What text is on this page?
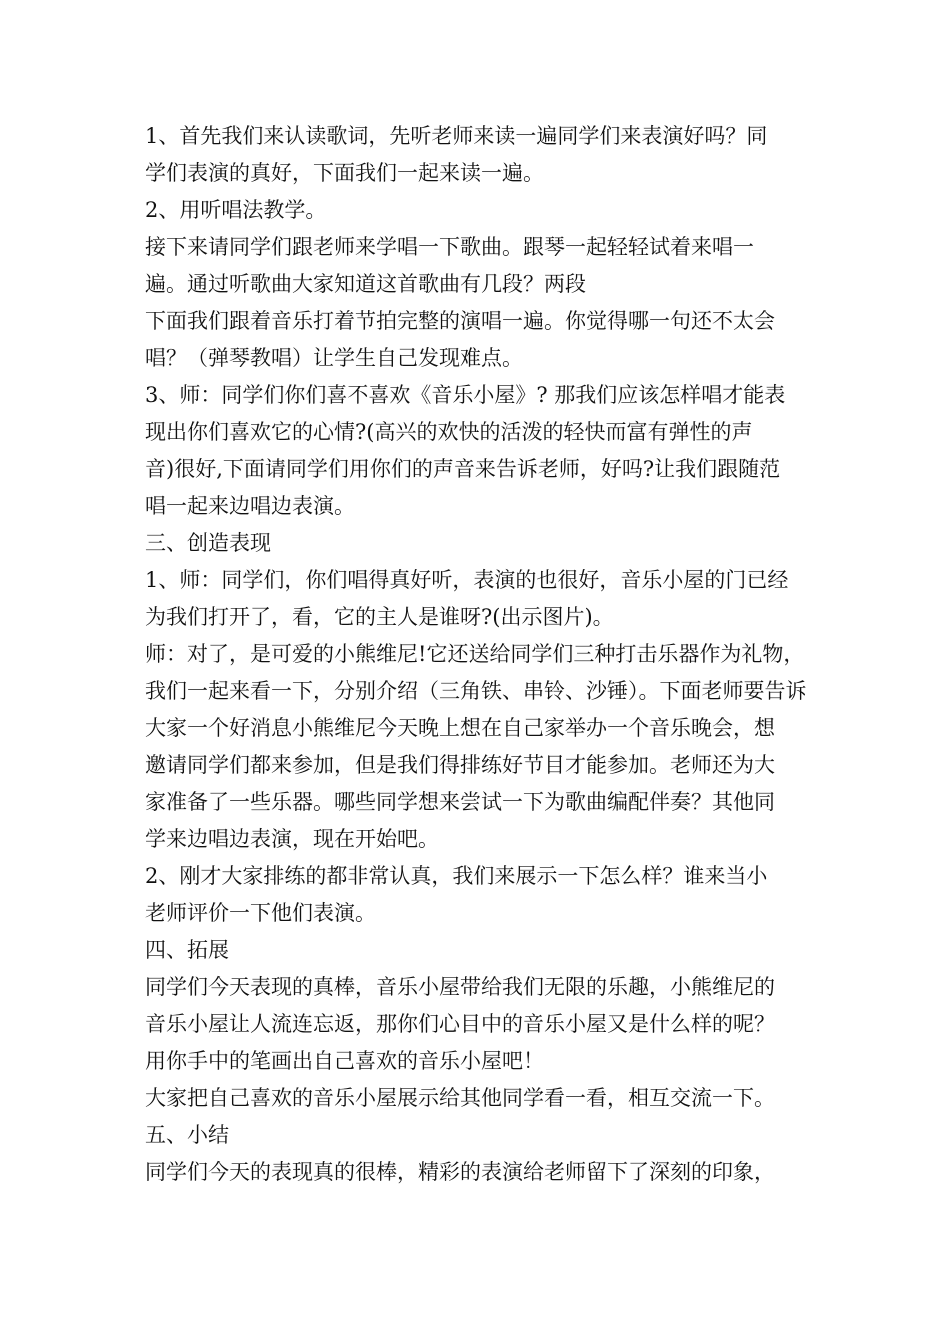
1、首先我们来认读歌词，先听老师来读一遍同学们来表演好吗？同
学们表演的真好，下面我们一起来读一遍。
2、用听唱法教学。
接下来请同学们跟老师来学唱一下歌曲。跟琴一起轻轻试着来唱一
遍。通过听歌曲大家知道这首歌曲有几段？两段
下面我们跟着音乐打着节拍完整的演唱一遍。你觉得哪一句还不太会
唱？（弹琴教唱）让学生自己发现难点。
3、师：同学们你们喜不喜欢《音乐小屋》? 那我们应该怎样唱才能表
现出你们喜欢它的心情?(高兴的欢快的活泼的轻快而富有弹性的声
音)很好,下面请同学们用你们的声音来告诉老师，好吗?让我们跟随范
唱一起来边唱边表演。
三、创造表现
1、师：同学们，你们唱得真好听，表演的也很好，音乐小屋的门已经
为我们打开了，看，它的主人是谁呀?(出示图片)。
师：对了，是可爱的小熊维尼!它还送给同学们三种打击乐器作为礼物，
我们一起来看一下，分别介绍（三角铁、串铃、沙锤）。下面老师要告诉
大家一个好消息小熊维尼今天晚上想在自己家举办一个音乐晚会，想
邀请同学们都来参加，但是我们得排练好节目才能参加。老师还为大
家准备了一些乐器。哪些同学想来尝试一下为歌曲编配伴奏？其他同
学来边唱边表演，现在开始吧。
2、刚才大家排练的都非常认真，我们来展示一下怎么样？谁来当小
老师评价一下他们表演。
四、拓展
同学们今天表现的真棒，音乐小屋带给我们无限的乐趣，小熊维尼的
音乐小屋让人流连忘返，那你们心目中的音乐小屋又是什么样的呢？
用你手中的笔画出自己喜欢的音乐小屋吧！
大家把自己喜欢的音乐小屋展示给其他同学看一看，相互交流一下。
五、小结
同学们今天的表现真的很棒，精彩的表演给老师留下了深刻的印象，
